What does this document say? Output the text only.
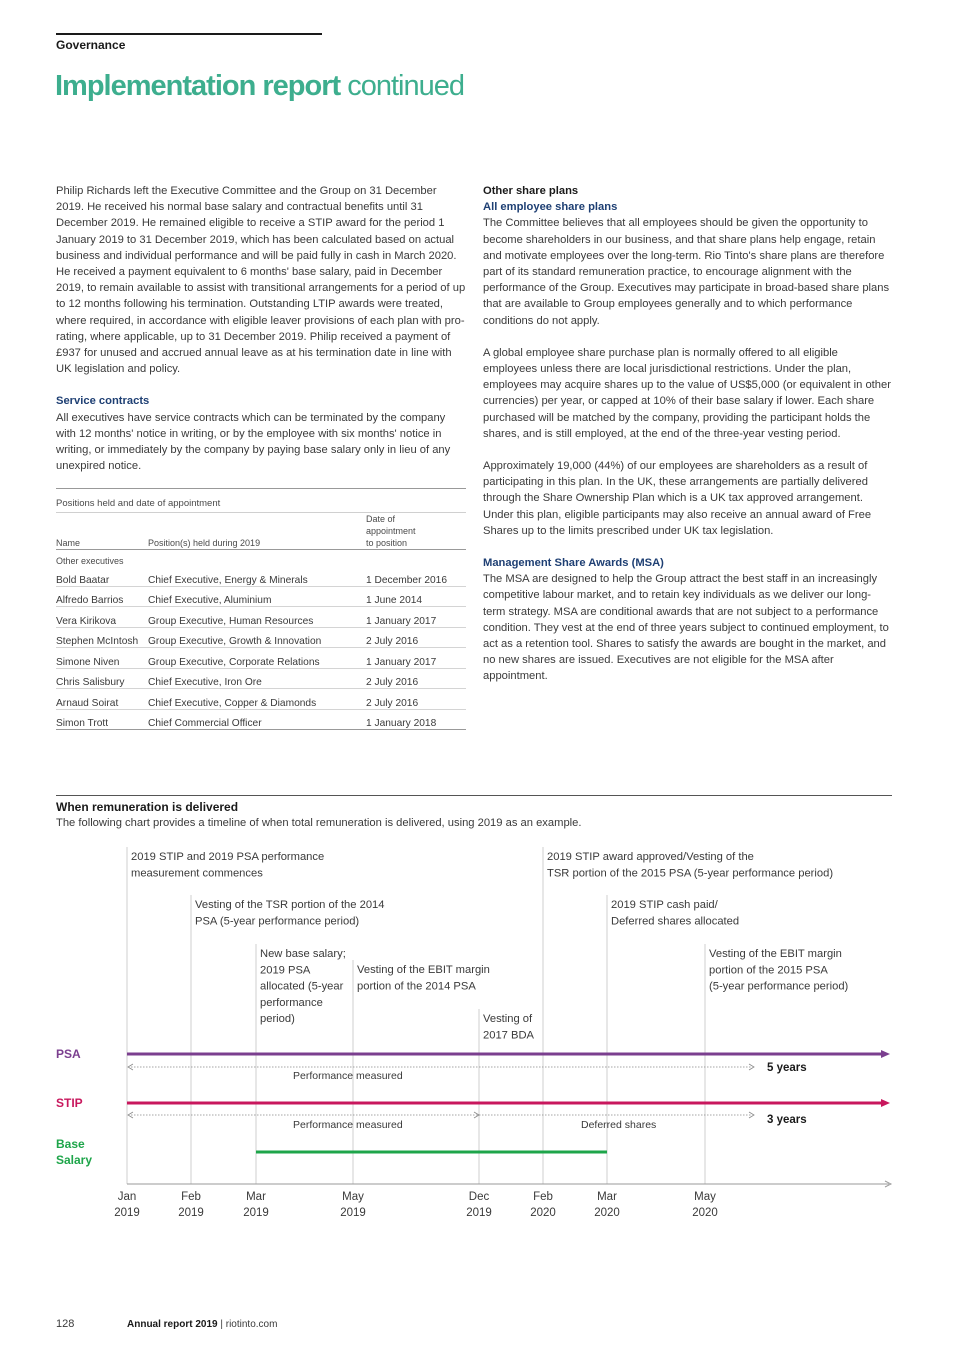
Governance
Implementation report continued

Philip Richards left the Executive Committee and the Group on 31 December 2019. He received his normal base salary and contractual benefits until 31 December 2019. He remained eligible to receive a STIP award for the period 1 January 2019 to 31 December 2019, which has been calculated based on actual business and individual performance and will be paid fully in cash in March 2020. He received a payment equivalent to 6 months' base salary, paid in December 2019, to remain available to assist with transitional arrangements for a period of up to 12 months following his termination. Outstanding LTIP awards were treated, where required, in accordance with eligible leaver provisions of each plan with pro-rating, where applicable, up to 31 December 2019. Philip received a payment of £937 for unused and accrued annual leave as at his termination date in line with UK legislation and policy.

Service contracts

All executives have service contracts which can be terminated by the company with 12 months' notice in writing, or by the employee with six months' notice in writing, or immediately by the company by paying base salary only in lieu of any unexpired notice.

Positions held and date of appointment
Name	Position(s) held during 2019	Date of
appointment
to position

Other executives		
Bold Baatar	Chief Executive, Energy & Minerals	1 December 2016
Alfredo Barrios	Chief Executive, Aluminium	1 June 2014
Vera Kirikova	Group Executive, Human Resources	1 January 2017
Stephen McIntosh	Group Executive, Growth & Innovation	2 July 2016
Simone Niven	Group Executive, Corporate Relations	1 January 2017
Chris Salisbury	Chief Executive, Iron Ore	2 July 2016
Arnaud Soirat	Chief Executive, Copper & Diamonds	2 July 2016
Simon Trott	Chief Commercial Officer	1 January 2018
Other share plans
All employee share plans

The Committee believes that all employees should be given the opportunity to become shareholders in our business, and that share plans help engage, retain and motivate employees over the long-term. Rio Tinto's share plans are therefore part of its standard remuneration practice, to encourage alignment with the performance of the Group. Executives may participate in broad-based share plans that are available to Group employees generally and to which performance conditions do not apply.

A global employee share purchase plan is normally offered to all eligible employees unless there are local jurisdictional restrictions. Under the plan, employees may acquire shares up to the value of US$5,000 (or equivalent in other currencies) per year, or capped at 10% of their base salary if lower. Each share purchased will be matched by the company, providing the participant holds the shares, and is still employed, at the end of the three-year vesting period.

Approximately 19,000 (44%) of our employees are shareholders as a result of participating in this plan. In the UK, these arrangements are partially delivered through the Share Ownership Plan which is a UK tax approved arrangement. Under this plan, eligible participants may also receive an annual award of Free Shares up to the limits prescribed under UK tax legislation.

Management Share Awards (MSA)

The MSA are designed to help the Group attract the best staff in an increasingly competitive labour market, and to retain key individuals as we deliver our long-term strategy. MSA are conditional awards that are not subject to a performance condition. They vest at the end of three years subject to continued employment, to act as a retention tool. Shares to satisfy the awards are bought in the market, and no new shares are issued. Executives are not eligible for the MSA after appointment.

When remuneration is delivered
The following chart provides a timeline of when total remuneration is delivered, using 2019 as an example.
2019 STIP and 2019 PSA performance
measurement commences
Vesting of the TSR portion of the 2014
PSA (5-year performance period)
New base salary;
2019 PSA
allocated (5-year
performance
period)
Vesting of the EBIT margin
portion of the 2014 PSA
Vesting of
2017 BDA
2019 STIP award approved/Vesting of the
TSR portion of the 2015 PSA (5-year performance period)
2019 STIP cash paid/
Deferred shares allocated
Vesting of the EBIT margin
portion of the 2015 PSA
(5-year performance period)
Jan
2019
Feb
2019
Mar
2019
May
2019
Dec
2019
Feb
2020
Mar
2020
May
2020
PSA
Performance measured
5 years
STIP
Performance measured	Deferred shares	3 years
Base
Salary
128	Annual report 2019 | riotinto.com
